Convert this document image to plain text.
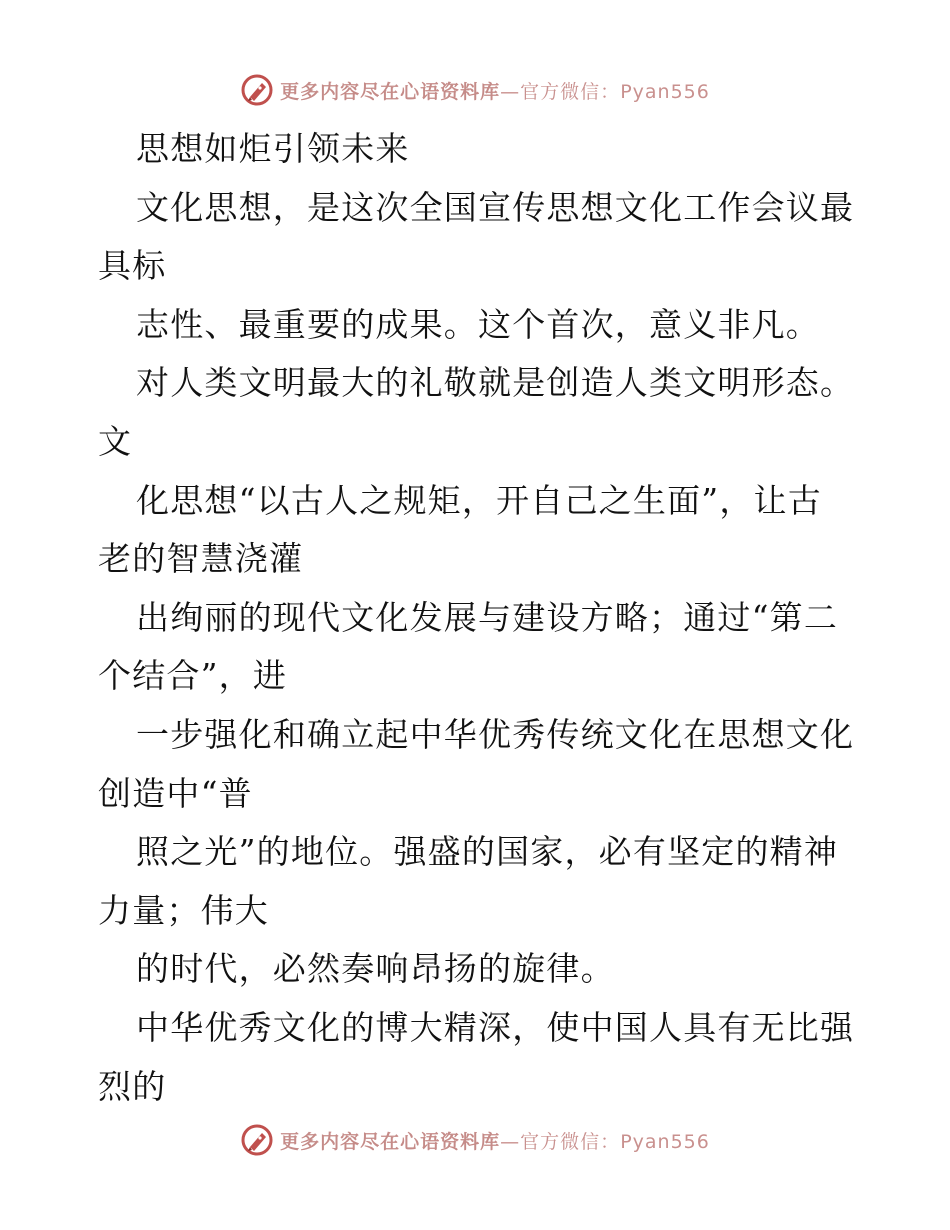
更多内容尽在心语资料库—官方微信：Pyan556
思想如炬引领未来
文化思想，是这次全国宣传思想文化工作会议最
具标
志性、最重要的成果。这个首次，意义非凡。
对人类文明最大的礼敬就是创造人类文明形态。
文
化思想“以古人之规矩，开自己之生面”，让古
老的智慧浇灌
出绚丽的现代文化发展与建设方略；通过“第二
个结合”，进
一步强化和确立起中华优秀传统文化在思想文化
创造中“普
照之光”的地位。强盛的国家，必有坚定的精神
力量；伟大
的时代，必然奏响昂扬的旋律。
中华优秀文化的博大精深，使中国人具有无比强
烈的
更多内容尽在心语资料库—官方微信：Pyan556
